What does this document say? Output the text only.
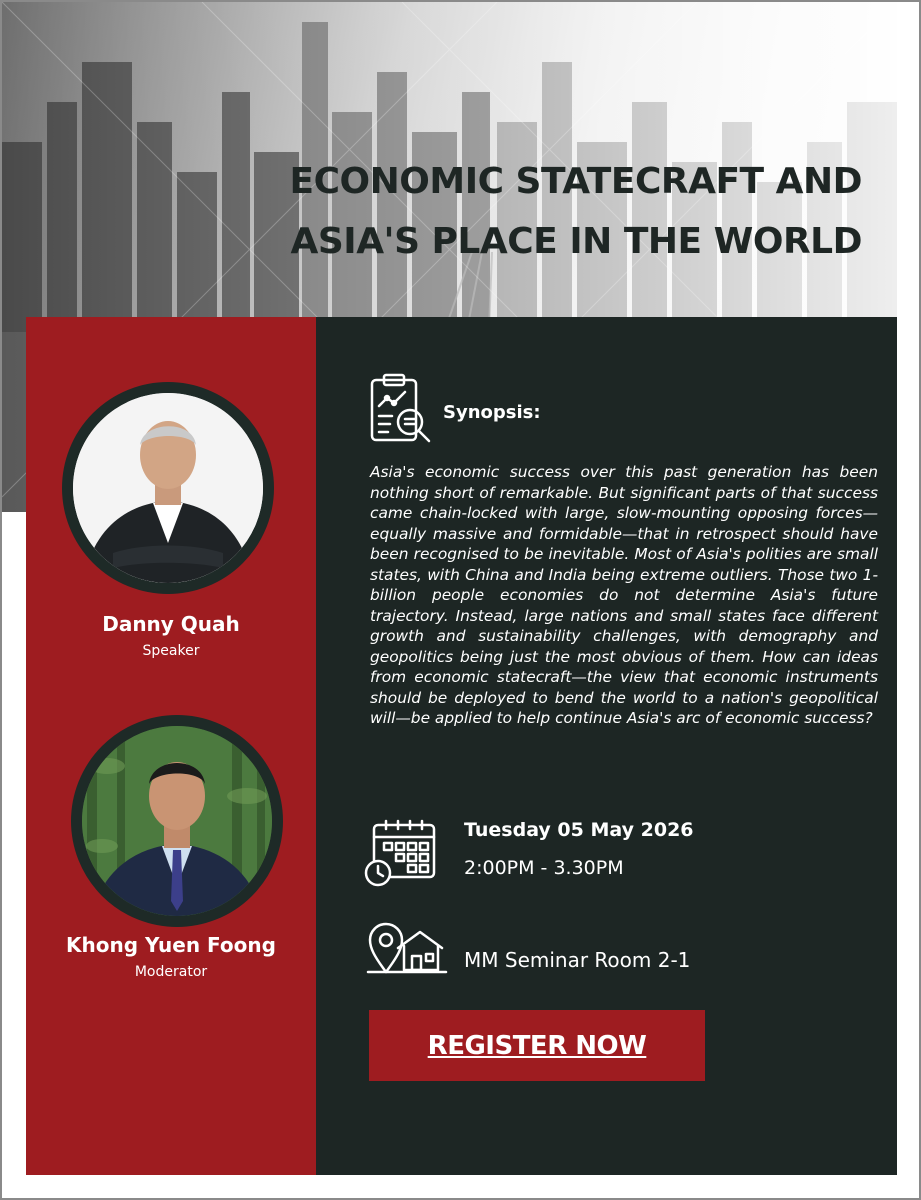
ECONOMIC STATECRAFT AND ASIA'S PLACE IN THE WORLD

Danny Quah

Speaker

Khong Yuen Foong

Moderator

Synopsis:

Asia's economic success over this past generation has been nothing short of remarkable. But significant parts of that success came chain-locked with large, slow-mounting opposing forces—equally massive and formidable—that in retrospect should have been recognised to be inevitable. Most of Asia's polities are small states, with China and India being extreme outliers. Those two 1-billion people economies do not determine Asia's future trajectory. Instead, large nations and small states face different growth and sustainability challenges, with demography and geopolitics being just the most obvious of them. How can ideas from economic statecraft—the view that economic instruments should be deployed to bend the world to a nation's geopolitical will—be applied to help continue Asia's arc of economic success?

Tuesday 05 May 2026

2:00PM - 3.30PM

MM Seminar Room 2-1

REGISTER NOW
